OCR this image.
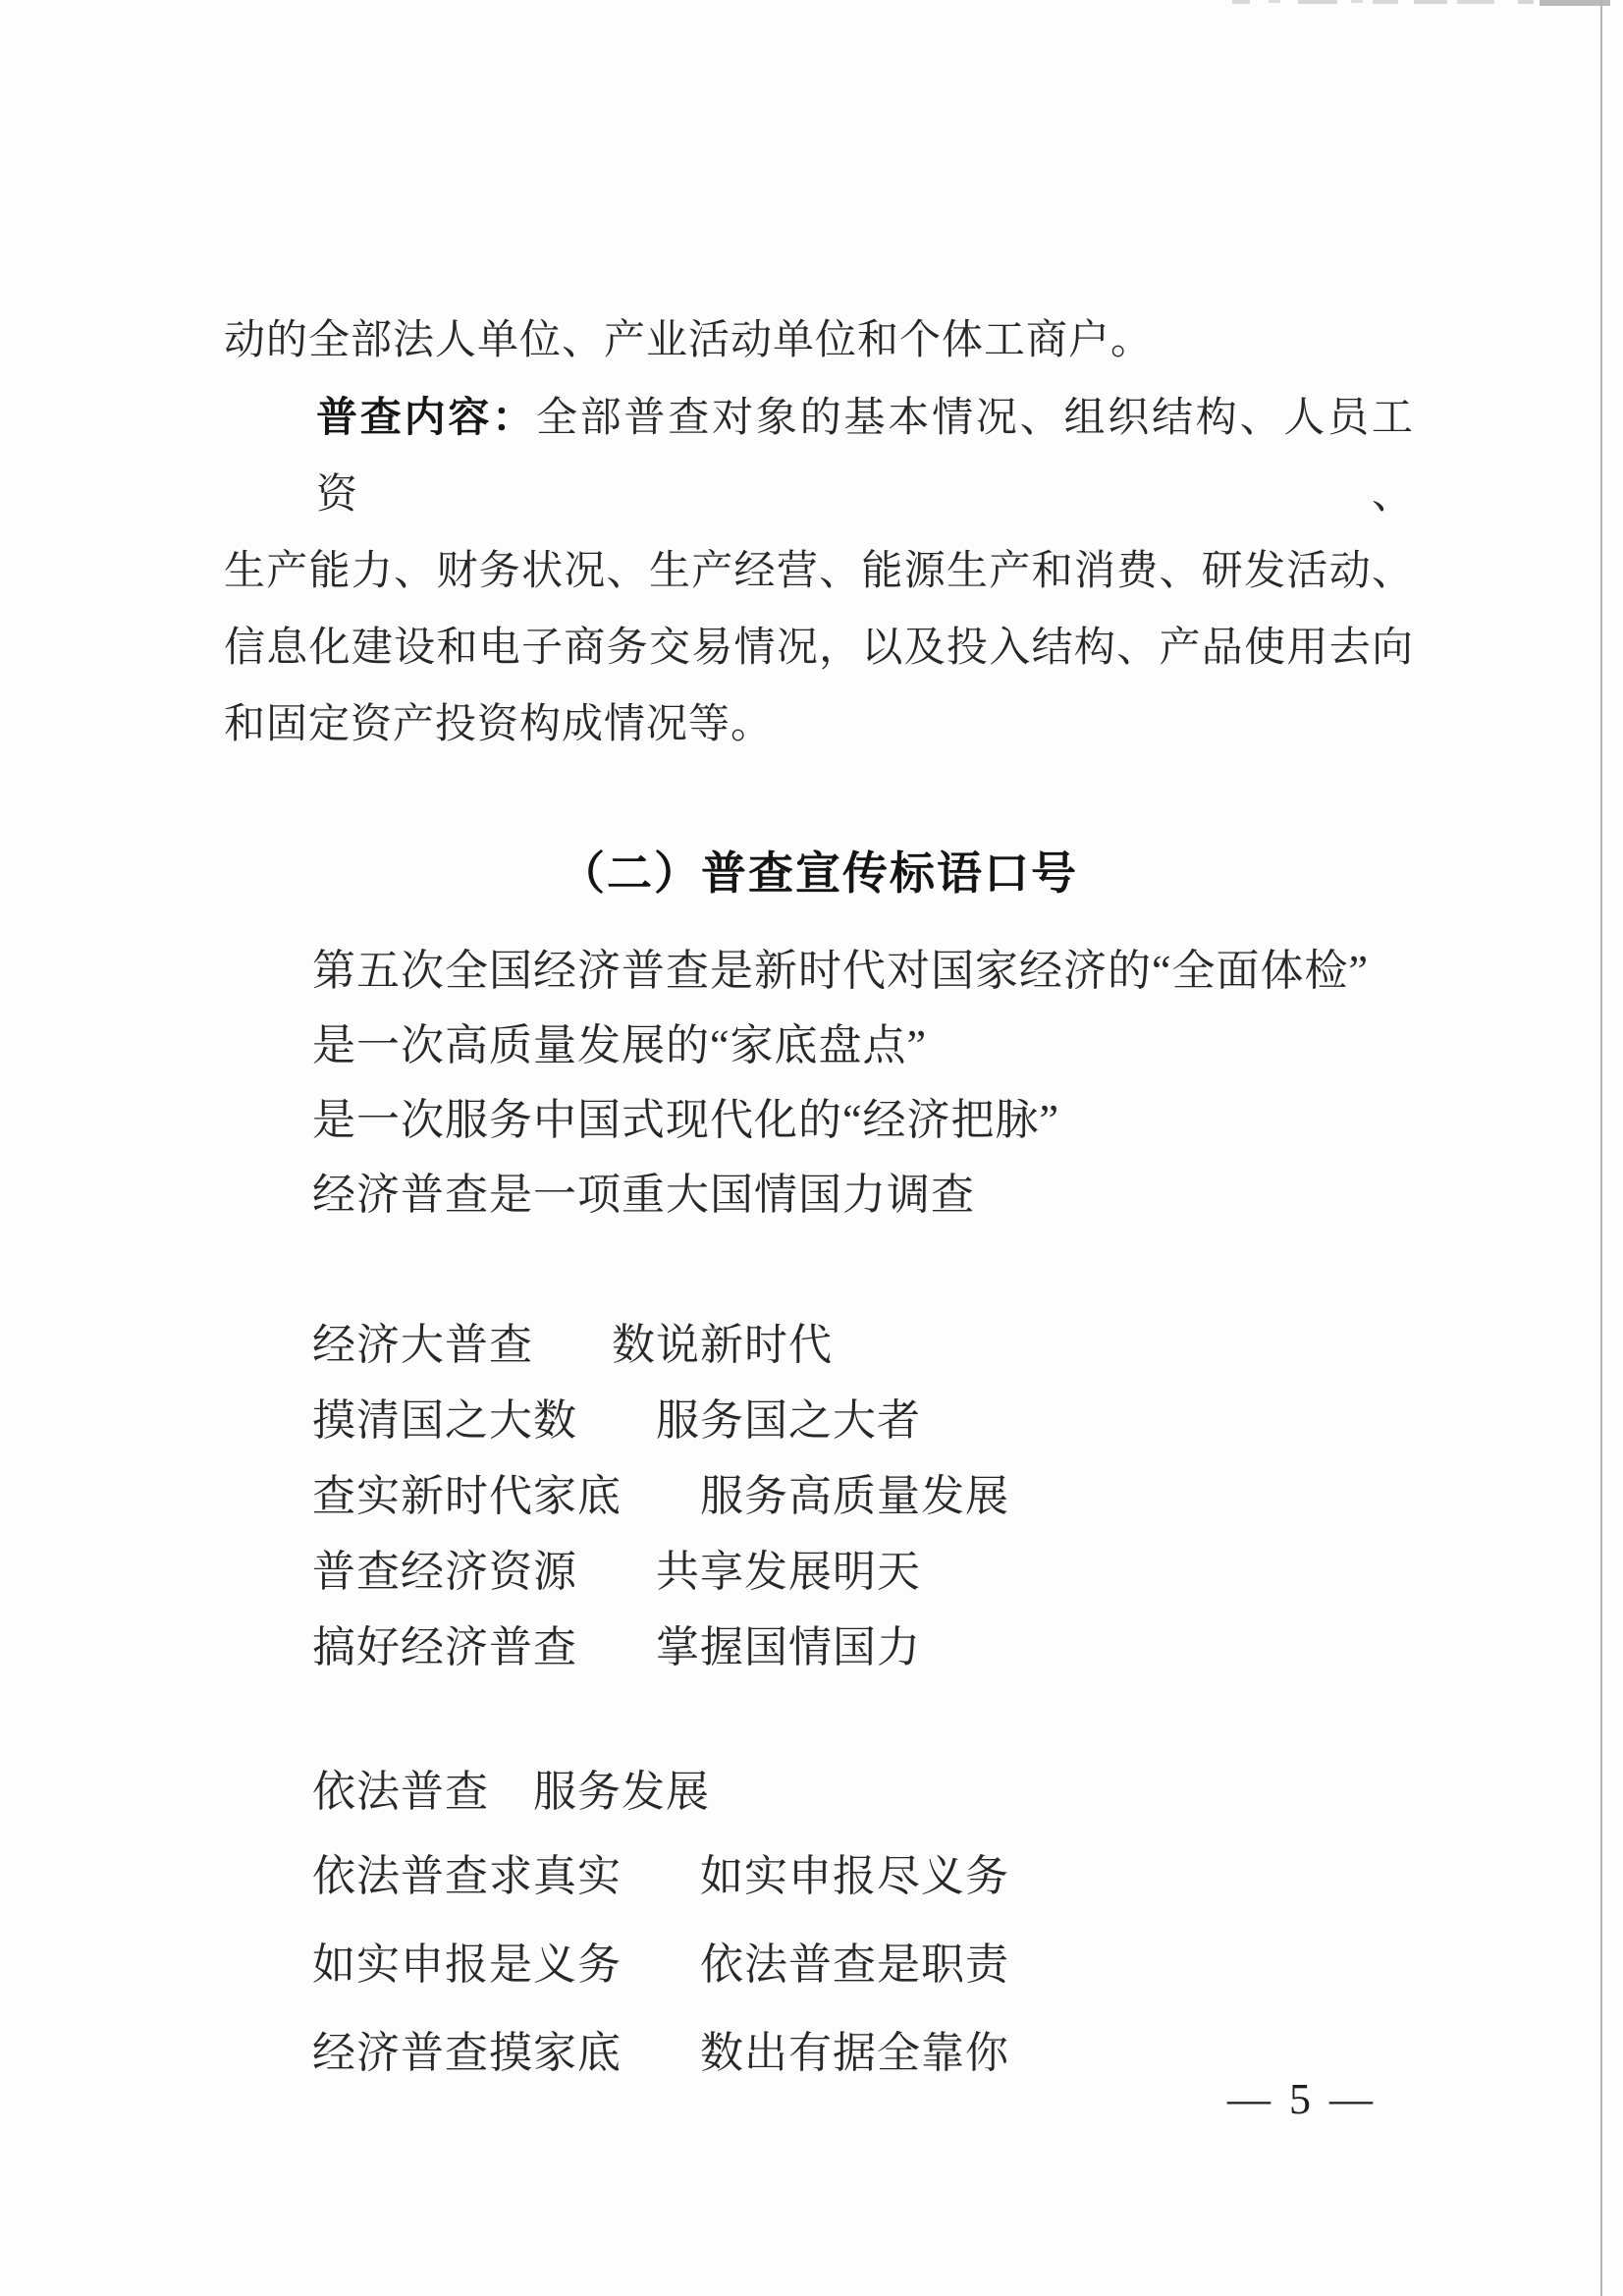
动的全部法人单位、产业活动单位和个体工商户。
普查内容：全部普查对象的基本情况、组织结构、人员工资、
生产能力、财务状况、生产经营、能源生产和消费、研发活动、
信息化建设和电子商务交易情况，以及投入结构、产品使用去向
和固定资产投资构成情况等。
（二）普查宣传标语口号
第五次全国经济普查是新时代对国家经济的“全面体检”
是一次高质量发展的“家底盘点”
是一次服务中国式现代化的“经济把脉”
经济普查是一项重大国情国力调查
经济大普查 数说新时代
摸清国之大数 服务国之大者
查实新时代家底 服务高质量发展
普查经济资源 共享发展明天
搞好经济普查 掌握国情国力
依法普查 服务发展
依法普查求真实 如实申报尽义务
如实申报是义务 依法普查是职责
经济普查摸家底 数出有据全靠你
— 5 —
